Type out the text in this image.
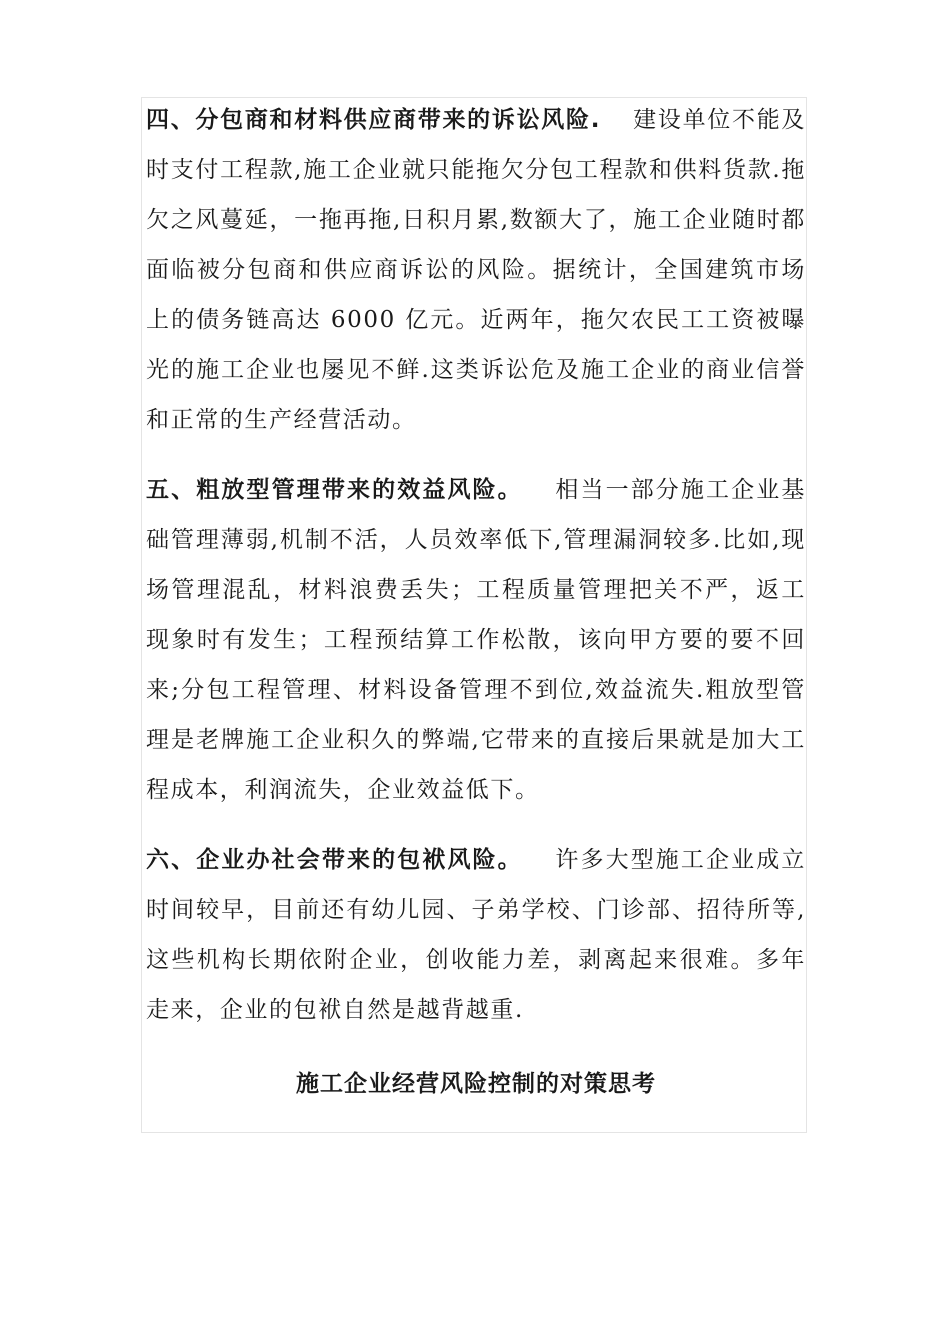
四、分包商和材料供应商带来的诉讼风险. 建设单位不能及时支付工程款,施工企业就只能拖欠分包工程款和供料货款.拖欠之风蔓延，一拖再拖,日积月累,数额大了，施工企业随时都面临被分包商和供应商诉讼的风险。据统计，全国建筑市场上的债务链高达 6000 亿元。近两年，拖欠农民工工资被曝光的施工企业也屡见不鲜.这类诉讼危及施工企业的商业信誉和正常的生产经营活动。

五、粗放型管理带来的效益风险。 相当一部分施工企业基础管理薄弱,机制不活，人员效率低下,管理漏洞较多.比如,现场管理混乱，材料浪费丢失；工程质量管理把关不严，返工现象时有发生；工程预结算工作松散，该向甲方要的要不回来;分包工程管理、材料设备管理不到位,效益流失.粗放型管理是老牌施工企业积久的弊端,它带来的直接后果就是加大工程成本，利润流失，企业效益低下。

六、企业办社会带来的包袱风险。 许多大型施工企业成立时间较早，目前还有幼儿园、子弟学校、门诊部、招待所等,这些机构长期依附企业，创收能力差，剥离起来很难。多年走来，企业的包袱自然是越背越重.

施工企业经营风险控制的对策思考
